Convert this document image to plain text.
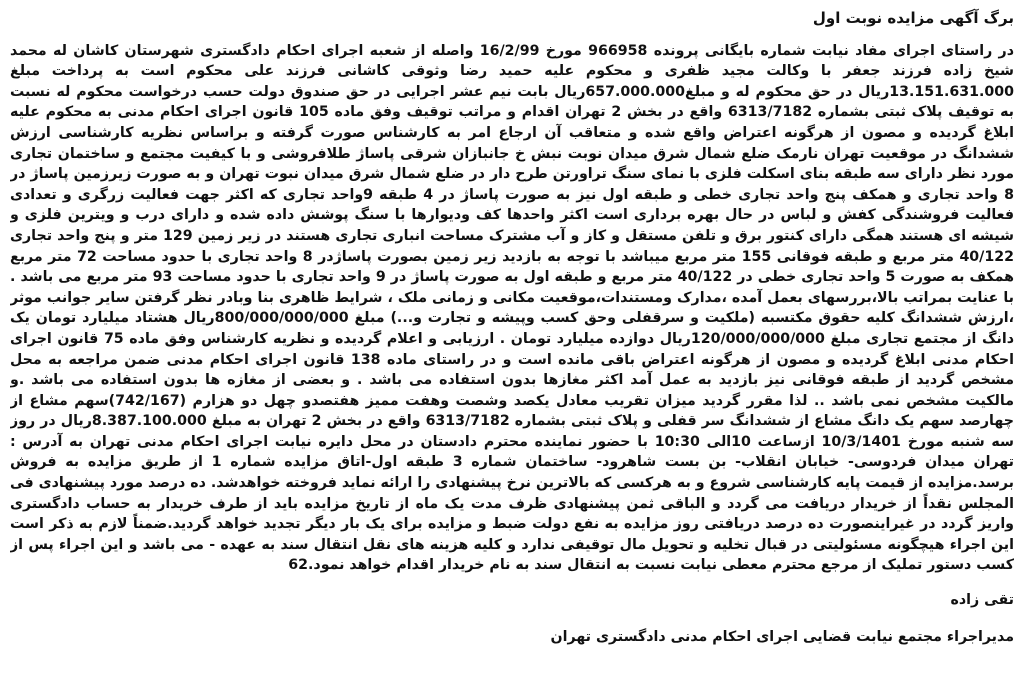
برگ آگهی مزایده نوبت اول

در راستای اجرای مفاد نیابت شماره بایگانی پرونده 966958 مورخ 16/2/99 واصله از شعبه اجرای احکام دادگستری شهرستان کاشان له محمد شیخ زاده فرزند جعفر با وکالت مجید ظفری و محکوم علیه حمید رضا وثوقی کاشانی فرزند علی محکوم است به پرداخت مبلغ 13.151.631.000ریال در حق محکوم له و مبلغ657.000.000ریال بابت نیم عشر اجرایی در حق صندوق دولت حسب درخواست محکوم له نسبت به توقیف پلاک ثبتی بشماره 6313/7182 واقع در بخش 2 تهران اقدام و مراتب توقیف وفق ماده 105 قانون اجرای احکام مدنی به محکوم علیه ابلاغ گردیده و مصون از هرگونه اعتراض واقع شده و متعاقب آن ارجاع امر به کارشناس صورت گرفته و براساس نظریه کارشناسی ارزش ششدانگ در موقعیت تهران نارمک ضلع شمال شرق میدان نوبت نبش خ جانبازان شرقی پاساژ طلافروشی و با کیفیت مجتمع و ساختمان تجاری مورد نظر دارای سه طبقه بنای اسکلت فلزی با نمای سنگ تراورتن طرح دار در ضلع شمال شرق میدان نبوت تهران و به صورت زیرزمین پاساژ در 8 واحد تجاری و همکف پنج واحد تجاری خطی و طبقه اول نیز به صورت پاساژ در 4 طبقه 9واحد تجاری که اکثر جهت فعالیت زرگری و تعدادی فعالیت فروشندگی کفش و لباس در حال بهره برداری است اکثر واحدها کف ودیوارها با سنگ پوشش داده شده و دارای درب و ویترین فلزی و شیشه ای هستند همگی دارای کنتور برق و تلفن مستقل و کاز و آب مشترک مساحت انباری تجاری هستند در زیر زمین 129 متر و پنج واحد تجاری 40/122 متر مربع و طبقه فوقانی 155 متر مربع میباشد با توجه به بازدید زیر زمین بصورت پاساژدر 8 واحد تجاری با حدود مساحت 72 متر مربع همکف به صورت 5 واحد تجاری خطی در 40/122 متر مربع و طبقه اول به صورت پاساژ در 9 واحد تجاری با حدود مساحت 93 متر مربع می باشد . با عنایت بمراتب بالا،بررسهای بعمل آمده ،مدارک ومستندات،موقعیت مکانی و زمانی ملک ، شرایط ظاهری بنا وبادر نظر گرفتن سایر جوانب موثر ،ارزش ششدانگ کلیه حقوق مکتسبه (ملکیت و سرقفلی وحق کسب وپیشه و تجارت و...) مبلغ 800/000/000/000ریال هشتاد میلیارد تومان یک دانگ از مجتمع تجاری مبلغ 120/000/000/000ریال دوازده میلیارد تومان . ارزیابی و اعلام گردیده و نظریه کارشناس وفق ماده 75 قانون اجرای احکام مدنی ابلاغ گردیده و مصون از هرگونه اعتراض باقی مانده است و در راستای ماده 138 قانون اجرای احکام مدنی ضمن مراجعه به محل مشخص گردید از طبقه فوقانی نیز بازدید به عمل آمد اکثر مغازها بدون استفاده می باشد . و بعضی از مغازه ها بدون استفاده می باشد .و مالکیت مشخص نمی باشد .. لذا مقرر گردید میزان تقریب معادل یکصد وشصت وهفت ممیز هفتصدو چهل دو هزارم (742/167)سهم مشاع از چهارصد سهم یک دانگ مشاع از ششدانگ سر قفلی و پلاک ثبتی بشماره 6313/7182 واقع در بخش 2 تهران به مبلغ 8.387.100.000ریال در روز سه شنبه مورخ 10/3/1401 ازساعت 10الی 10:30 با حضور نماینده محترم دادستان در محل دایره نیابت اجرای احکام مدنی تهران به آدرس : تهران میدان فردوسی- خیابان انقلاب- بن بست شاهرود- ساختمان شماره 3 طبقه اول-اتاق مزایده شماره 1 از طریق مزایده به فروش برسد.مزایده از قیمت پایه کارشناسی شروع و به هرکسی که بالاترین نرخ پیشنهادی را ارائه نماید فروخته خواهدشد. ده درصد مورد پیشنهادی فی المجلس نقداً از خریدار دریافت می گردد و الباقی ثمن پیشنهادی ظرف مدت یک ماه از تاریخ مزایده باید از طرف خریدار به حساب دادگستری واریز گردد در غیراینصورت ده درصد دریافتی روز مزایده به نفع دولت ضبط و مزایده برای یک بار دیگر تجدید خواهد گردید.ضمناً لازم به ذکر است این اجراء هیچگونه مسئولیتی در قبال تخلیه و تحویل مال توقیفی ندارد و کلیه هزینه های نقل انتقال سند به عهده - می باشد و این اجراء پس از کسب دستور تملیک از مرجع محترم معطی نیابت نسبت به انتقال سند به نام خریدار اقدام خواهد نمود.62

تقی زاده
مدیراجراء مجتمع نیابت قضایی اجرای احکام مدنی دادگستری تهران
